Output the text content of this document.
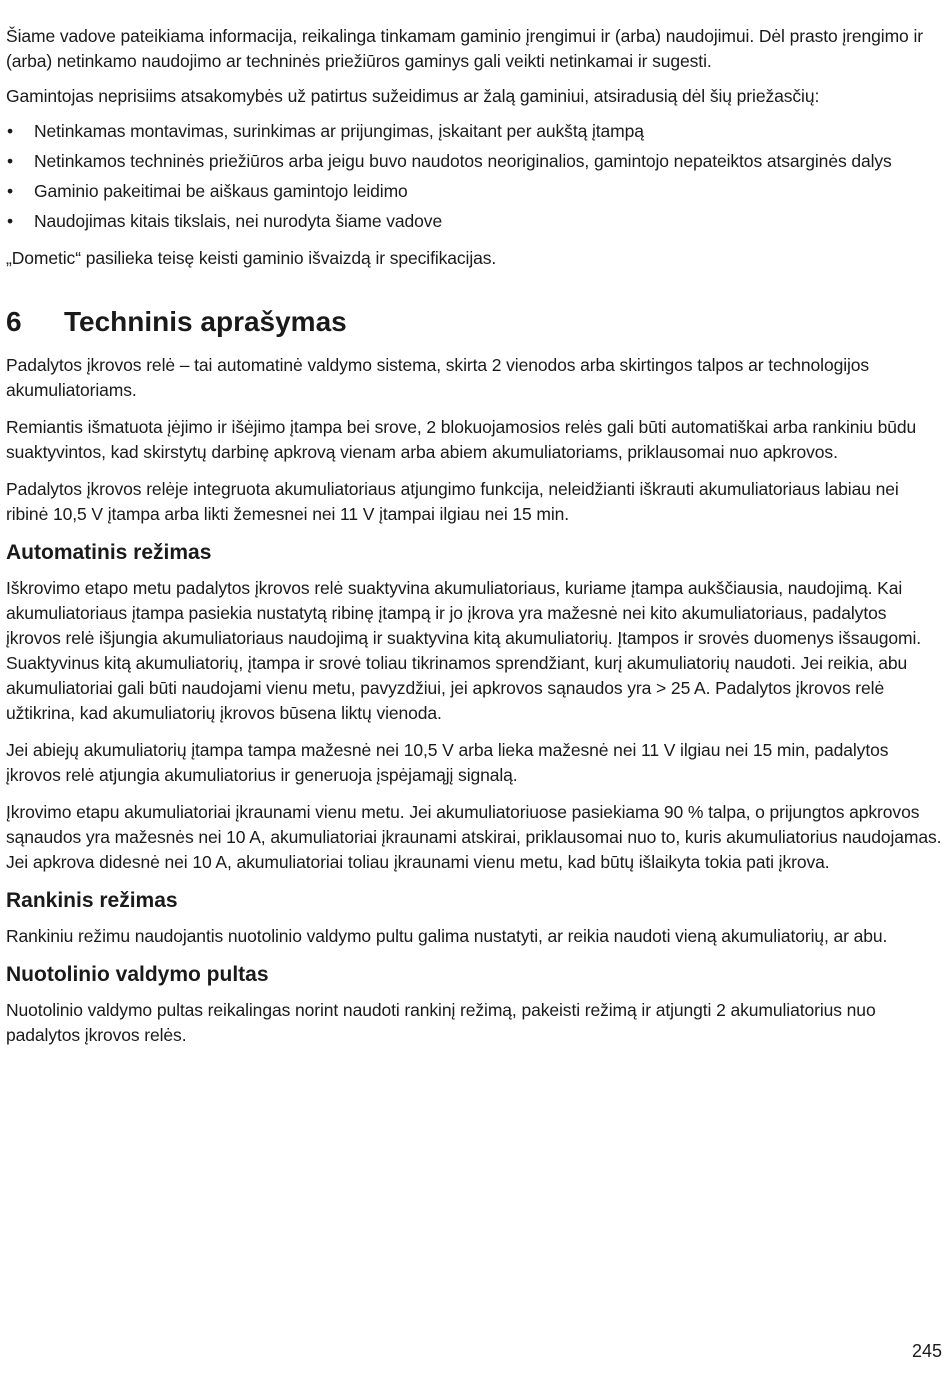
Šiame vadove pateikiama informacija, reikalinga tinkamam gaminio įrengimui ir (arba) naudojimui. Dėl prasto įrengimo ir (arba) netinkamo naudojimo ar techninės priežiūros gaminys gali veikti netinkamai ir sugesti.

Gamintojas neprisiims atsakomybės už patirtus sužeidimus ar žalą gaminiui, atsiradusią dėl šių priežasčių:

• Netinkamas montavimas, surinkimas ar prijungimas, įskaitant per aukštą įtampą
• Netinkamos techninės priežiūros arba jeigu buvo naudotos neoriginalios, gamintojo nepateiktos atsarginės dalys
• Gaminio pakeitimai be aiškaus gamintojo leidimo
• Naudojimas kitais tikslais, nei nurodyta šiame vadove

„Dometic“ pasilieka teisę keisti gaminio išvaizdą ir specifikacijas.

6	Techninis aprašymas

Padalytos įkrovos relė – tai automatinė valdymo sistema, skirta 2 vienodos arba skirtingos talpos ar technologijos akumuliatoriams.

Remiantis išmatuota įėjimo ir išėjimo įtampa bei srove, 2 blokuojamosios relės gali būti automatiškai arba rankiniu būdu suaktyvintos, kad skirstytų darbinę apkrovą vienam arba abiem akumuliatoriams, priklausomai nuo apkrovos.

Padalytos įkrovos relėje integruota akumuliatoriaus atjungimo funkcija, neleidžianti iškrauti akumuliatoriaus labiau nei ribinė 10,5 V įtampa arba likti žemesnei nei 11 V įtampai ilgiau nei 15 min.

Automatinis režimas

Iškrovimo etapo metu padalytos įkrovos relė suaktyvina akumuliatoriaus, kuriame įtampa aukščiausia, naudojimą. Kai akumuliatoriaus įtampa pasiekia nustatytą ribinę įtampą ir jo įkrova yra mažesnė nei kito akumuliatoriaus, padalytos įkrovos relė išjungia akumuliatoriaus naudojimą ir suaktyvina kitą akumuliatorių. Įtampos ir srovės duomenys išsaugomi. Suaktyvinus kitą akumuliatorių, įtampa ir srovė toliau tikrinamos sprendžiant, kurį akumuliatorių naudoti. Jei reikia, abu akumuliatoriai gali būti naudojami vienu metu, pavyzdžiui, jei apkrovos sąnaudos yra > 25 A. Padalytos įkrovos relė užtikrina, kad akumuliatorių įkrovos būsena liktų vienoda.

Jei abiejų akumuliatorių įtampa tampa mažesnė nei 10,5 V arba lieka mažesnė nei 11 V ilgiau nei 15 min, padalytos įkrovos relė atjungia akumuliatorius ir generuoja įspėjamąjį signalą.

Įkrovimo etapu akumuliatoriai įkraunami vienu metu. Jei akumuliatoriuose pasiekiama 90 % talpa, o prijungtos apkrovos sąnaudos yra mažesnės nei 10 A, akumuliatoriai įkraunami atskirai, priklausomai nuo to, kuris akumuliatorius naudojamas. Jei apkrova didesnė nei 10 A, akumuliatoriai toliau įkraunami vienu metu, kad būtų išlaikyta tokia pati įkrova.

Rankinis režimas

Rankiniu režimu naudojantis nuotolinio valdymo pultu galima nustatyti, ar reikia naudoti vieną akumuliatorių, ar abu.

Nuotolinio valdymo pultas

Nuotolinio valdymo pultas reikalingas norint naudoti rankinį režimą, pakeisti režimą ir atjungti 2 akumuliatorius nuo padalytos įkrovos relės.

245
